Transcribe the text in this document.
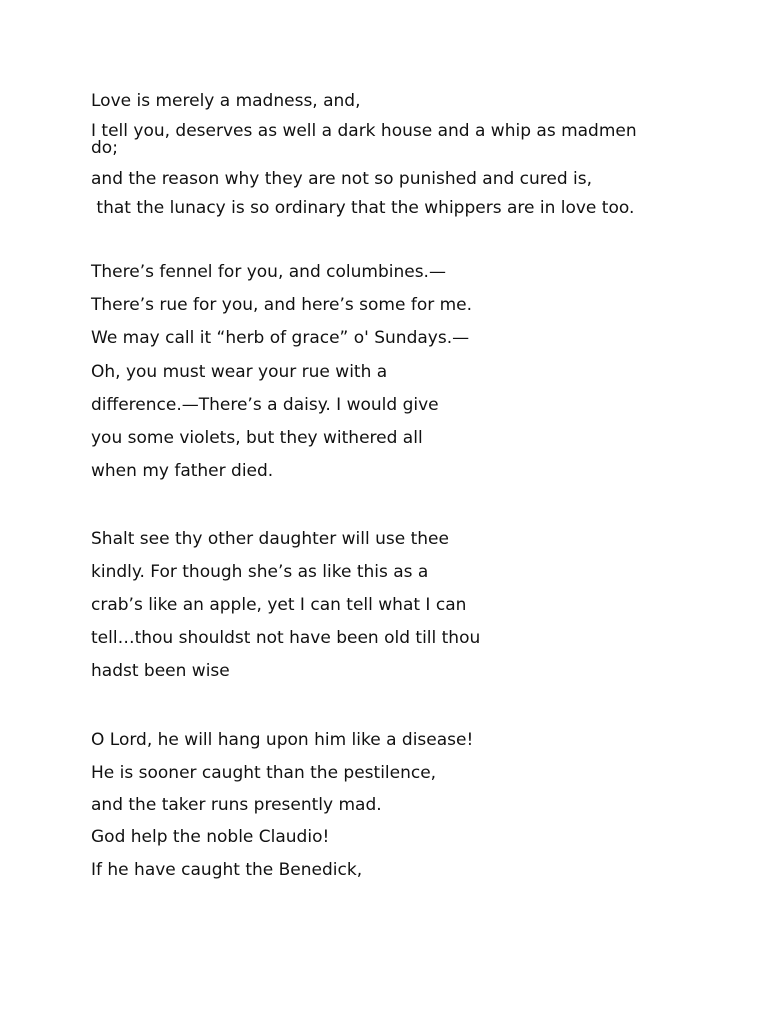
Love is merely a madness, and,
I tell you, deserves as well a dark house and a whip as madmen do;
and the reason why they are not so punished and cured is,
that the lunacy is so ordinary that the whippers are in love too.
There’s fennel for you, and columbines.—
There’s rue for you, and here’s some for me.
We may call it “herb of grace” o' Sundays.—
Oh, you must wear your rue with a
difference.—There’s a daisy. I would give
you some violets, but they withered all
when my father died.
Shalt see thy other daughter will use thee
kindly. For though she’s as like this as a
crab’s like an apple, yet I can tell what I can
tell…thou shouldst not have been old till thou
hadst been wise
O Lord, he will hang upon him like a disease!
He is sooner caught than the pestilence,
and the taker runs presently mad.
God help the noble Claudio!
If he have caught the Benedick,
